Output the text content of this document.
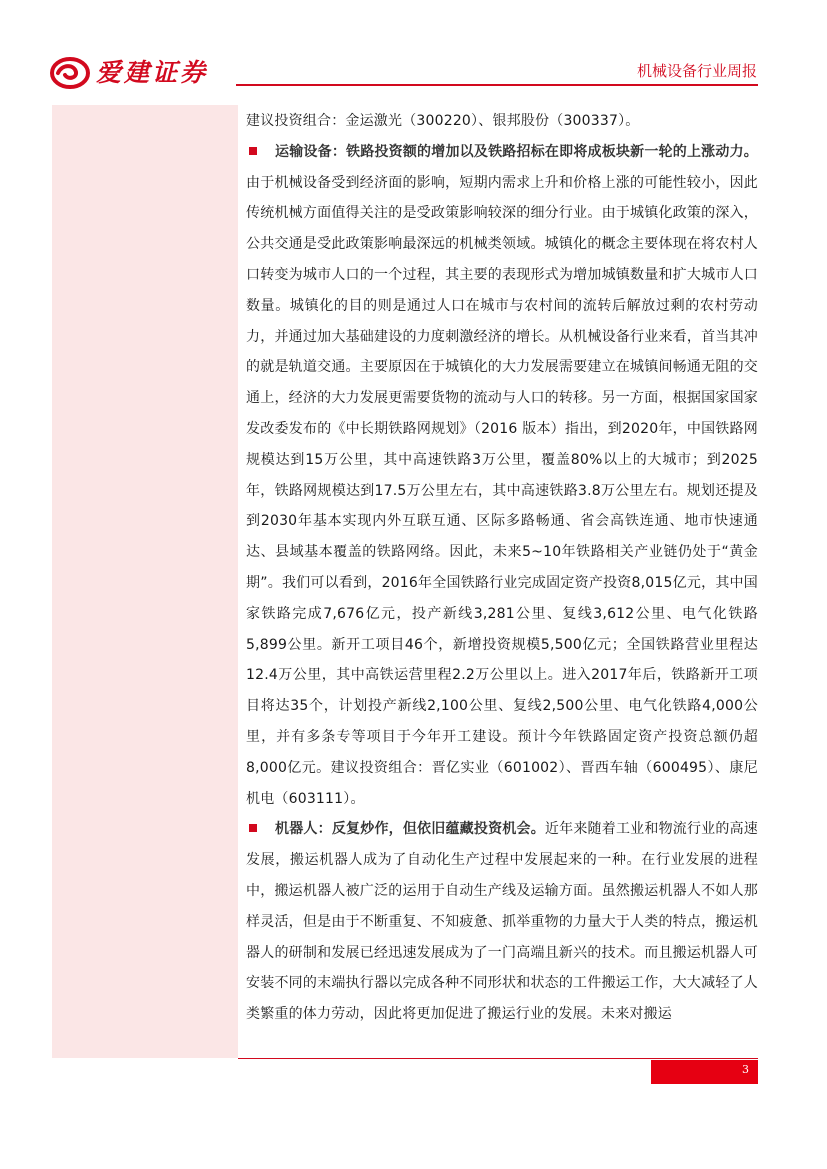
爱建证券	机械设备行业周报

建议投资组合：金运激光（300220）、银邦股份（300337）。

运输设备：铁路投资额的增加以及铁路招标在即将成板块新一轮的上涨动力。由于机械设备受到经济面的影响，短期内需求上升和价格上涨的可能性较小，因此传统机械方面值得关注的是受政策影响较深的细分行业。由于城镇化政策的深入，公共交通是受此政策影响最深远的机械类领域。城镇化的概念主要体现在将农村人口转变为城市人口的一个过程，其主要的表现形式为增加城镇数量和扩大城市人口数量。城镇化的目的则是通过人口在城市与农村间的流转后解放过剩的农村劳动力，并通过加大基础建设的力度刺激经济的增长。从机械设备行业来看，首当其冲的就是轨道交通。主要原因在于城镇化的大力发展需要建立在城镇间畅通无阻的交通上，经济的大力发展更需要货物的流动与人口的转移。另一方面，根据国家国家发改委发布的《中长期铁路网规划》（2016 版本）指出，到2020年，中国铁路网规模达到15万公里，其中高速铁路3万公里，覆盖80%以上的大城市；到2025年，铁路网规模达到17.5万公里左右，其中高速铁路3.8万公里左右。规划还提及到2030年基本实现内外互联互通、区际多路畅通、省会高铁连通、地市快速通达、县域基本覆盖的铁路网络。因此，未来5~10年铁路相关产业链仍处于“黄金期”。我们可以看到，2016年全国铁路行业完成固定资产投资8,015亿元，其中国家铁路完成7,676亿元，投产新线3,281公里、复线3,612公里、电气化铁路5,899公里。新开工项目46个，新增投资规模5,500亿元；全国铁路营业里程达12.4万公里，其中高铁运营里程2.2万公里以上。进入2017年后，铁路新开工项目将达35个，计划投产新线2,100公里、复线2,500公里、电气化铁路4,000公里，并有多条专等项目于今年开工建设。预计今年铁路固定资产投资总额仍超8,000亿元。建议投资组合：晋亿实业（601002）、晋西车轴（600495）、康尼机电（603111）。

机器人：反复炒作，但依旧蕴藏投资机会。近年来随着工业和物流行业的高速发展，搬运机器人成为了自动化生产过程中发展起来的一种。在行业发展的进程中，搬运机器人被广泛的运用于自动生产线及运输方面。虽然搬运机器人不如人那样灵活，但是由于不断重复、不知疲惫、抓举重物的力量大于人类的特点，搬运机器人的研制和发展已经迅速发展成为了一门高端且新兴的技术。而且搬运机器人可安装不同的末端执行器以完成各种不同形状和状态的工件搬运工作，大大减轻了人类繁重的体力劳动，因此将更加促进了搬运行业的发展。未来对搬运

3
